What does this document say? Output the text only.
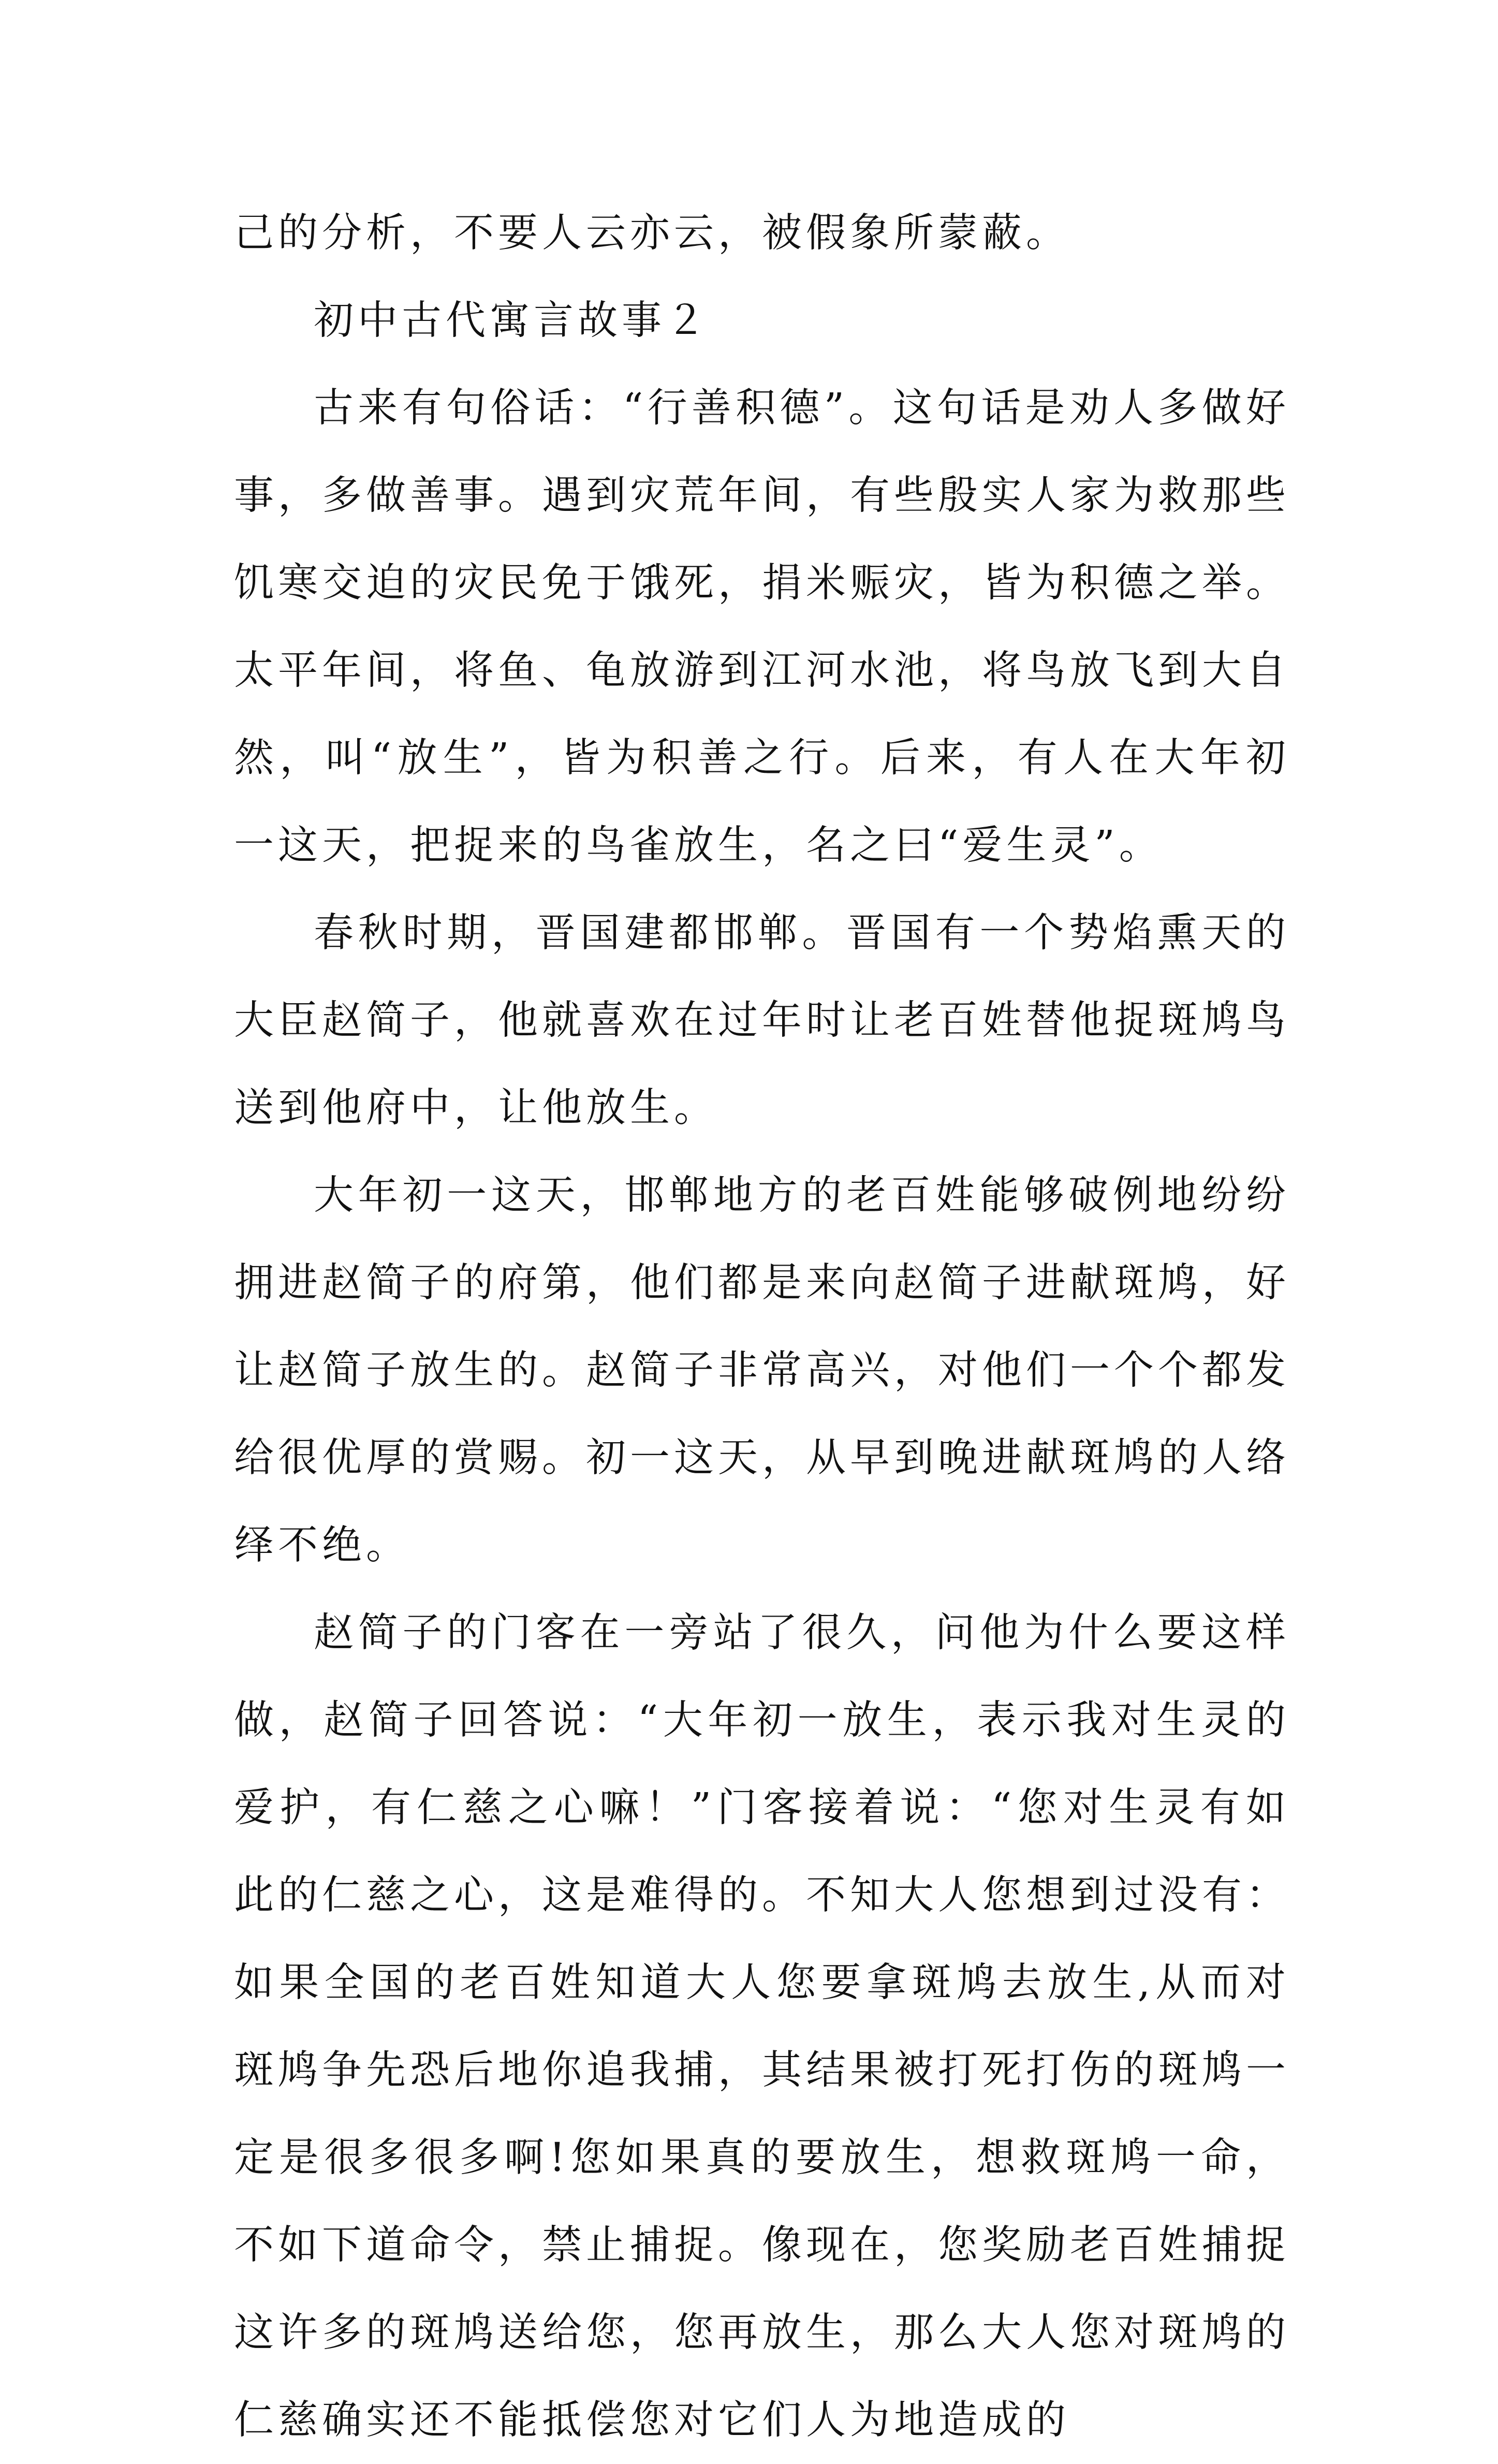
己的分析，不要人云亦云，被假象所蒙蔽。

初中古代寓言故事２

古来有句俗话：“行善积德”。这句话是劝人多做好事，多做善事。遇到灾荒年间，有些殷实人家为救那些饥寒交迫的灾民免于饿死，捐米赈灾，皆为积德之举。太平年间，将鱼、龟放游到江河水池，将鸟放飞到大自然，叫“放生”，皆为积善之行。后来，有人在大年初一这天，把捉来的鸟雀放生，名之曰“爱生灵”。

春秋时期，晋国建都邯郸。晋国有一个势焰熏天的大臣赵简子，他就喜欢在过年时让老百姓替他捉斑鸠鸟送到他府中，让他放生。

大年初一这天，邯郸地方的老百姓能够破例地纷纷拥进赵简子的府第，他们都是来向赵简子进献斑鸠，好让赵简子放生的。赵简子非常高兴，对他们一个个都发给很优厚的赏赐。初一这天，从早到晚进献斑鸠的人络绎不绝。

赵简子的门客在一旁站了很久，问他为什么要这样做，赵简子回答说：“大年初一放生，表示我对生灵的爱护，有仁慈之心嘛！”门客接着说：“您对生灵有如此的仁慈之心，这是难得的。不知大人您想到过没有：如果全国的老百姓知道大人您要拿斑鸠去放生,从而对斑鸠争先恐后地你追我捕，其结果被打死打伤的斑鸠一定是很多很多啊!您如果真的要放生，想救斑鸠一命，不如下道命令，禁止捕捉。像现在，您奖励老百姓捕捉这许多的斑鸠送给您，您再放生，那么大人您对斑鸠的仁慈确实还不能抵偿您对它们人为地造成的
